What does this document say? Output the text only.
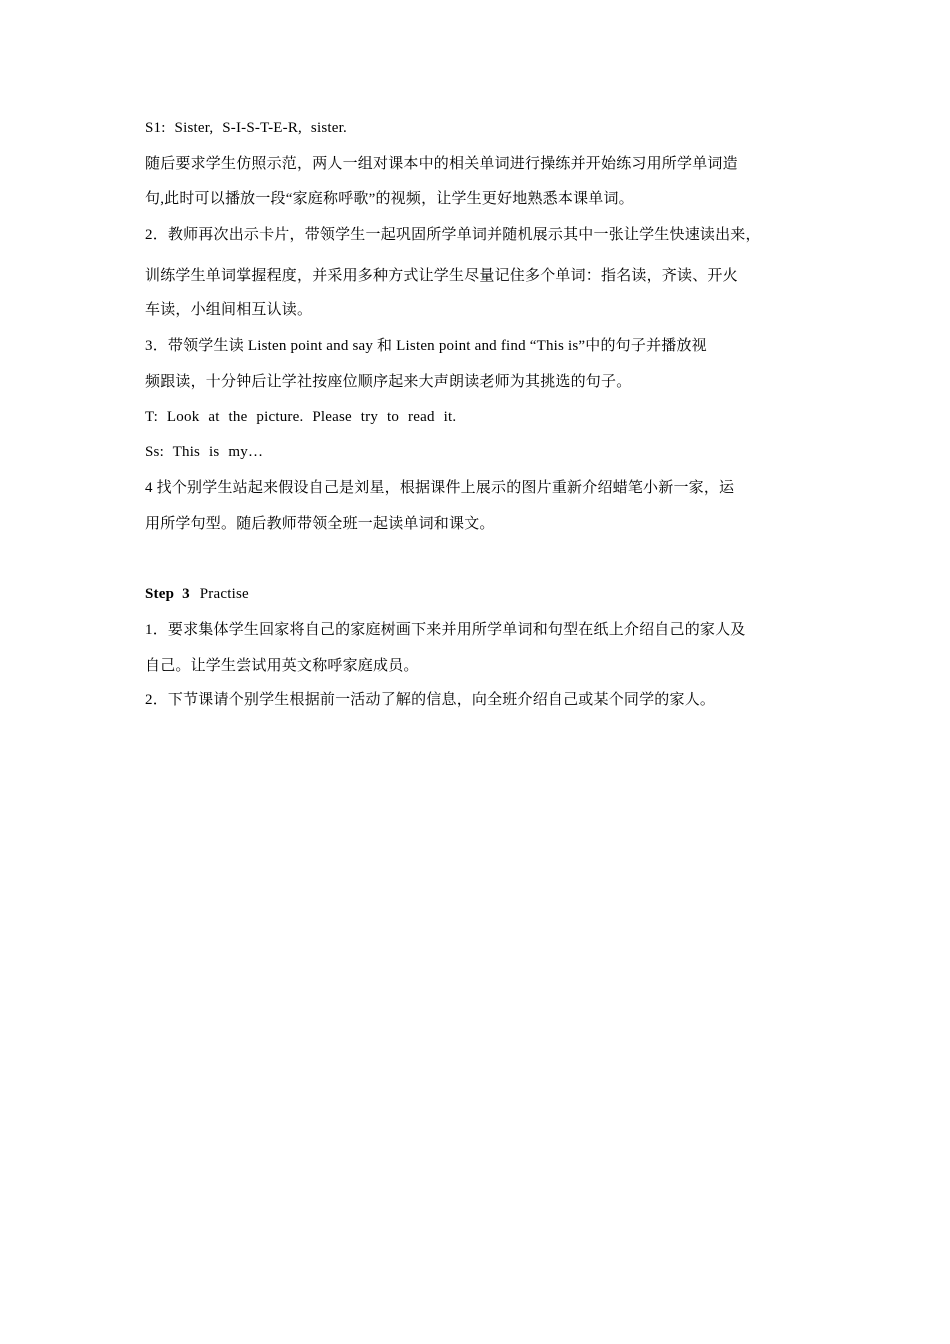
S1: Sister, S-I-S-T-E-R, sister.
随后要求学生仿照示范，两人一组对课本中的相关单词进行操练并开始练习用所学单词造
句,此时可以播放一段“家庭称呼歌”的视频，让学生更好地熟悉本课单词。
2．教师再次出示卡片，带领学生一起巩固所学单词并随机展示其中一张让学生快速读出来，
训练学生单词掌握程度，并采用多种方式让学生尽量记住多个单词：指名读，齐读、开火
车读，小组间相互认读。
3．带领学生读 Listen point and say 和 Listen point and find “This is”中的句子并播放视
频跟读，十分钟后让学社按座位顺序起来大声朗读老师为其挑选的句子。
T: Look at the picture. Please try to read it.
Ss: This is my…
4 找个别学生站起来假设自己是刘星，根据课件上展示的图片重新介绍蜡笔小新一家，运
用所学句型。随后教师带领全班一起读单词和课文。
Step 3 Practise
1．要求集体学生回家将自己的家庭树画下来并用所学单词和句型在纸上介绍自己的家人及
自己。让学生尝试用英文称呼家庭成员。
2．下节课请个别学生根据前一活动了解的信息，向全班介绍自己或某个同学的家人。
